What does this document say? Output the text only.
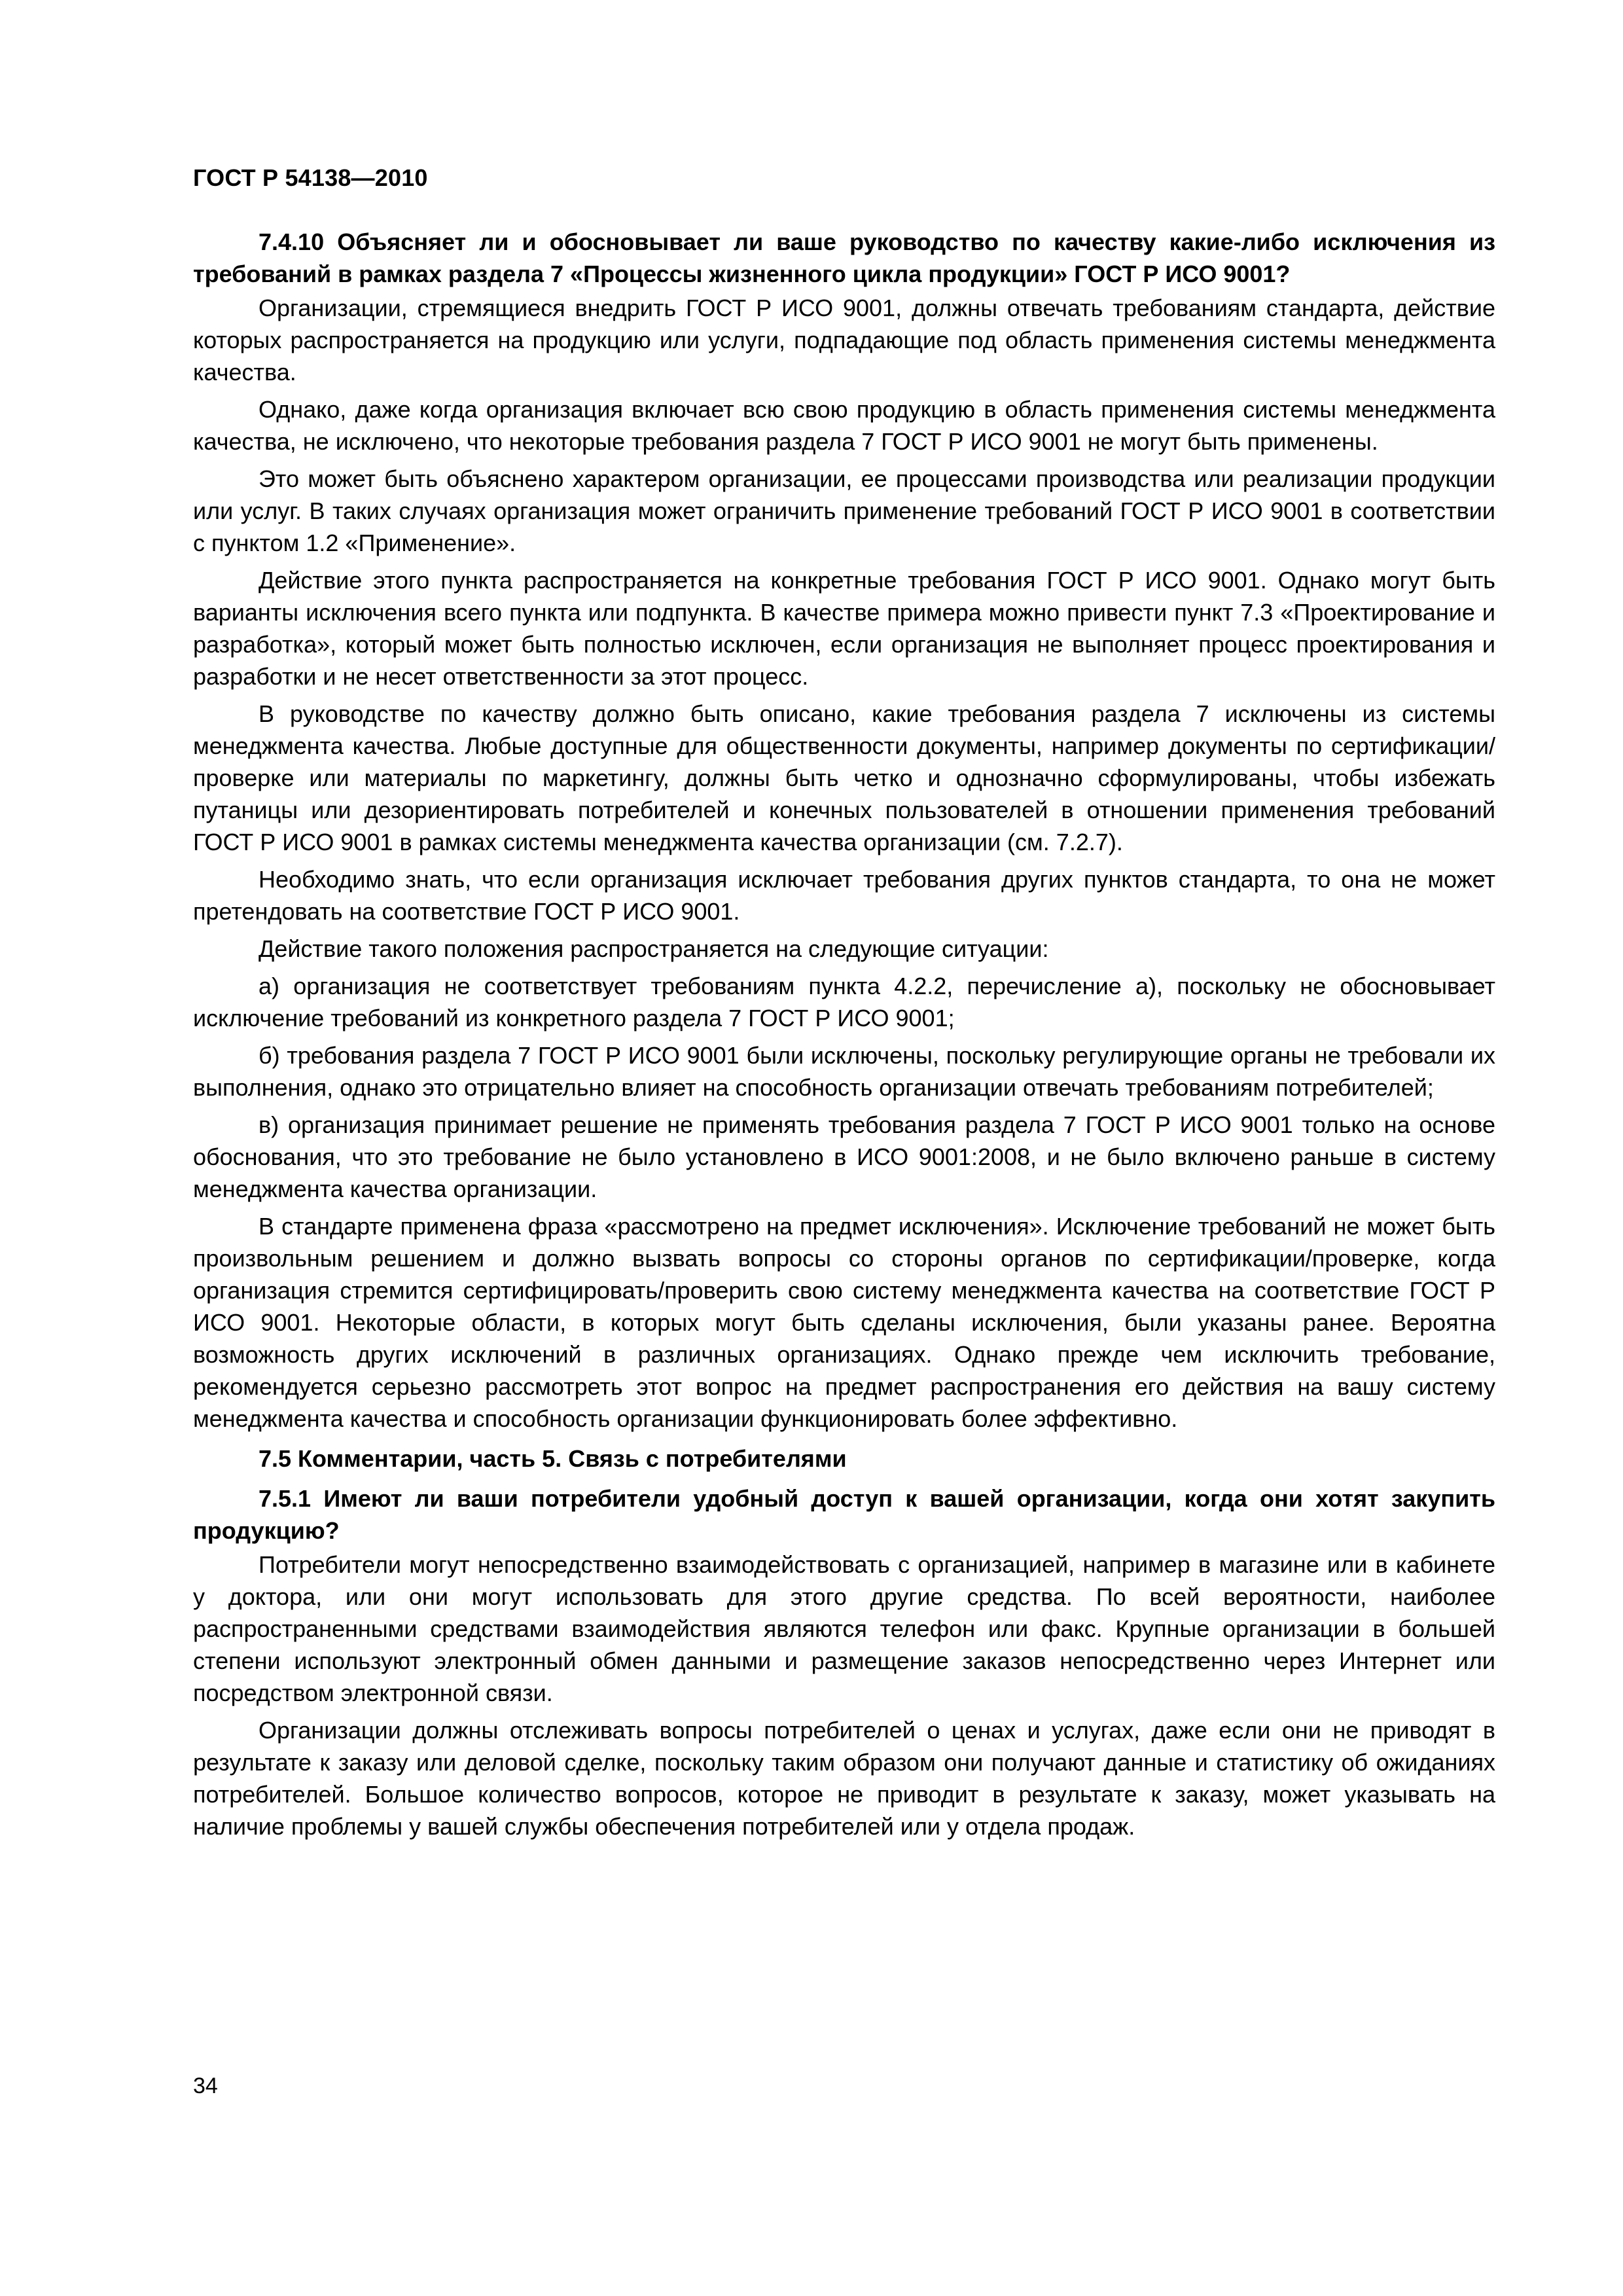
ГОСТ Р 54138—2010
7.4.10 Объясняет ли и обосновывает ли ваше руководство по качеству какие-либо исключения из требований в рамках раздела 7 «Процессы жизненного цикла продукции» ГОСТ Р ИСО 9001?

Организации, стремящиеся внедрить ГОСТ Р ИСО 9001, должны отвечать требованиям стандарта, действие которых распространяется на продукцию или услуги, подпадающие под область применения системы менеджмента качества.

Однако, даже когда организация включает всю свою продукцию в область применения системы менеджмента качества, не исключено, что некоторые требования раздела 7 ГОСТ Р ИСО 9001 не могут быть применены.

Это может быть объяснено характером организации, ее процессами производства или реализации продукции или услуг. В таких случаях организация может ограничить применение требований ГОСТ Р ИСО 9001 в соответствии с пунктом 1.2 «Применение».

Действие этого пункта распространяется на конкретные требования ГОСТ Р ИСО 9001. Однако могут быть варианты исключения всего пункта или подпункта. В качестве примера можно привести пункт 7.3 «Проектирование и разработка», который может быть полностью исключен, если организация не выполняет процесс проектирования и разработки и не несет ответственности за этот процесс.

В руководстве по качеству должно быть описано, какие требования раздела 7 исключены из системы менеджмента качества. Любые доступные для общественности документы, например документы по сертификации/проверке или материалы по маркетингу, должны быть четко и однозначно сформулированы, чтобы избежать путаницы или дезориентировать потребителей и конечных пользователей в отношении применения требований ГОСТ Р ИСО 9001 в рамках системы менеджмента качества организации (см. 7.2.7).

Необходимо знать, что если организация исключает требования других пунктов стандарта, то она не может претендовать на соответствие ГОСТ Р ИСО 9001.

Действие такого положения распространяется на следующие ситуации:

а) организация не соответствует требованиям пункта 4.2.2, перечисление а), поскольку не обосновывает исключение требований из конкретного раздела 7 ГОСТ Р ИСО 9001;

б) требования раздела 7 ГОСТ Р ИСО 9001 были исключены, поскольку регулирующие органы не требовали их выполнения, однако это отрицательно влияет на способность организации отвечать требованиям потребителей;

в) организация принимает решение не применять требования раздела 7 ГОСТ Р ИСО 9001 только на основе обоснования, что это требование не было установлено в ИСО 9001:2008, и не было включено раньше в систему менеджмента качества организации.

В стандарте применена фраза «рассмотрено на предмет исключения». Исключение требований не может быть произвольным решением и должно вызвать вопросы со стороны органов по сертификации/проверке, когда организация стремится сертифицировать/проверить свою систему менеджмента качества на соответствие ГОСТ Р ИСО 9001. Некоторые области, в которых могут быть сделаны исключения, были указаны ранее. Вероятна возможность других исключений в различных организациях. Однако прежде чем исключить требование, рекомендуется серьезно рассмотреть этот вопрос на предмет распространения его действия на вашу систему менеджмента качества и способность организации функционировать более эффективно.

7.5 Комментарии, часть 5. Связь с потребителями
7.5.1 Имеют ли ваши потребители удобный доступ к вашей организации, когда они хотят закупить продукцию?

Потребители могут непосредственно взаимодействовать с организацией, например в магазине или в кабинете у доктора, или они могут использовать для этого другие средства. По всей вероятности, наиболее распространенными средствами взаимодействия являются телефон или факс. Крупные организации в большей степени используют электронный обмен данными и размещение заказов непосредственно через Интернет или посредством электронной связи.

Организации должны отслеживать вопросы потребителей о ценах и услугах, даже если они не приводят в результате к заказу или деловой сделке, поскольку таким образом они получают данные и статистику об ожиданиях потребителей. Большое количество вопросов, которое не приводит в результате к заказу, может указывать на наличие проблемы у вашей службы обеспечения потребителей или у отдела продаж.

34
